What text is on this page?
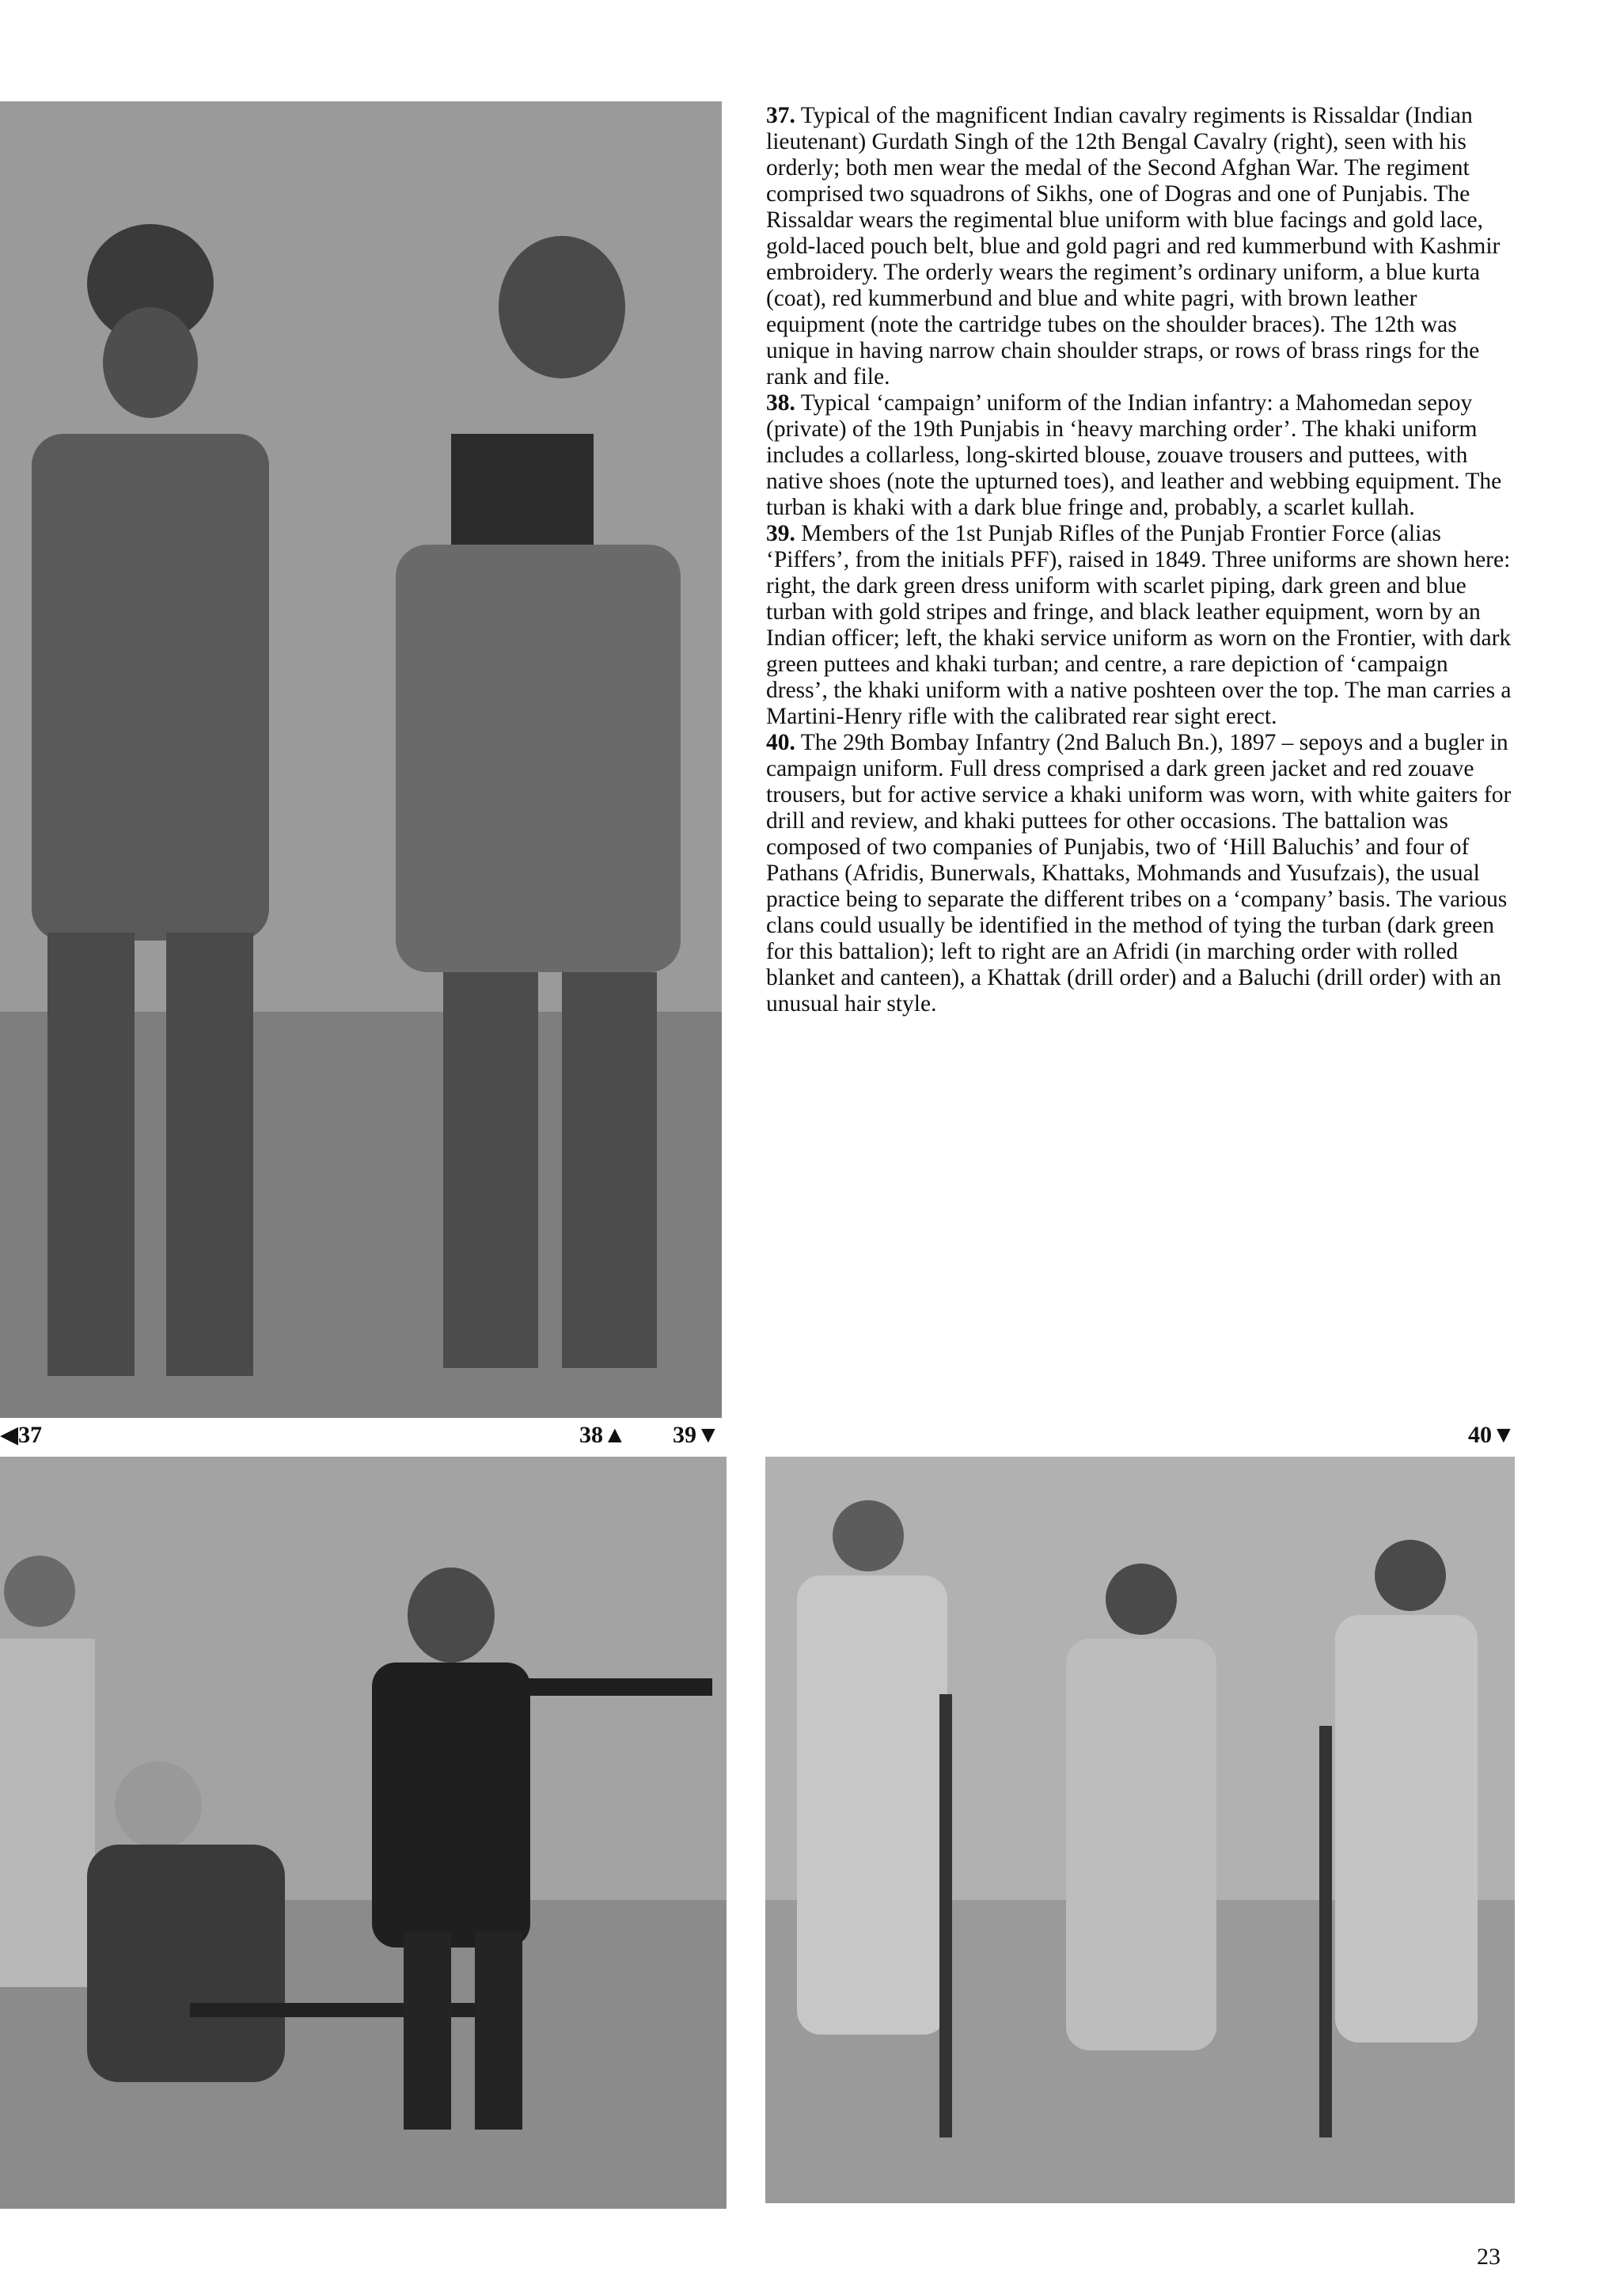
37. Typical of the magnificent Indian cavalry regiments is Rissaldar (Indian lieutenant) Gurdath Singh of the 12th Bengal Cavalry (right), seen with his orderly; both men wear the medal of the Second Afghan War. The regiment comprised two squadrons of Sikhs, one of Dogras and one of Punjabis. The Rissaldar wears the regimental blue uniform with blue facings and gold lace, gold-laced pouch belt, blue and gold pagri and red kummerbund with Kashmir embroidery. The orderly wears the regiment’s ordinary uniform, a blue kurta (coat), red kummerbund and blue and white pagri, with brown leather equipment (note the cartridge tubes on the shoulder braces). The 12th was unique in having narrow chain shoulder straps, or rows of brass rings for the rank and file.

38. Typical ‘campaign’ uniform of the Indian infantry: a Mahomedan sepoy (private) of the 19th Punjabis in ‘heavy marching order’. The khaki uniform includes a collarless, long-skirted blouse, zouave trousers and puttees, with native shoes (note the upturned toes), and leather and webbing equipment. The turban is khaki with a dark blue fringe and, probably, a scarlet kullah.

39. Members of the 1st Punjab Rifles of the Punjab Frontier Force (alias ‘Piffers’, from the initials PFF), raised in 1849. Three uniforms are shown here: right, the dark green dress uniform with scarlet piping, dark green and blue turban with gold stripes and fringe, and black leather equipment, worn by an Indian officer; left, the khaki service uniform as worn on the Frontier, with dark green puttees and khaki turban; and centre, a rare depiction of ‘campaign dress’, the khaki uniform with a native poshteen over the top. The man carries a Martini-Henry rifle with the calibrated rear sight erect.

40. The 29th Bombay Infantry (2nd Baluch Bn.), 1897 – sepoys and a bugler in campaign uniform. Full dress comprised a dark green jacket and red zouave trousers, but for active service a khaki uniform was worn, with white gaiters for drill and review, and khaki puttees for other occasions. The battalion was composed of two companies of Punjabis, two of ‘Hill Baluchis’ and four of Pathans (Afridis, Bunerwals, Khattaks, Mohmands and Yusufzais), the usual practice being to separate the different tribes on a ‘company’ basis. The various clans could usually be identified in the method of tying the turban (dark green for this battalion); left to right are an Afridi (in marching order with rolled blanket and canteen), a Khattak (drill order) and a Baluchi (drill order) with an unusual hair style.

◀37	38▲ 39▼	40▼
23
